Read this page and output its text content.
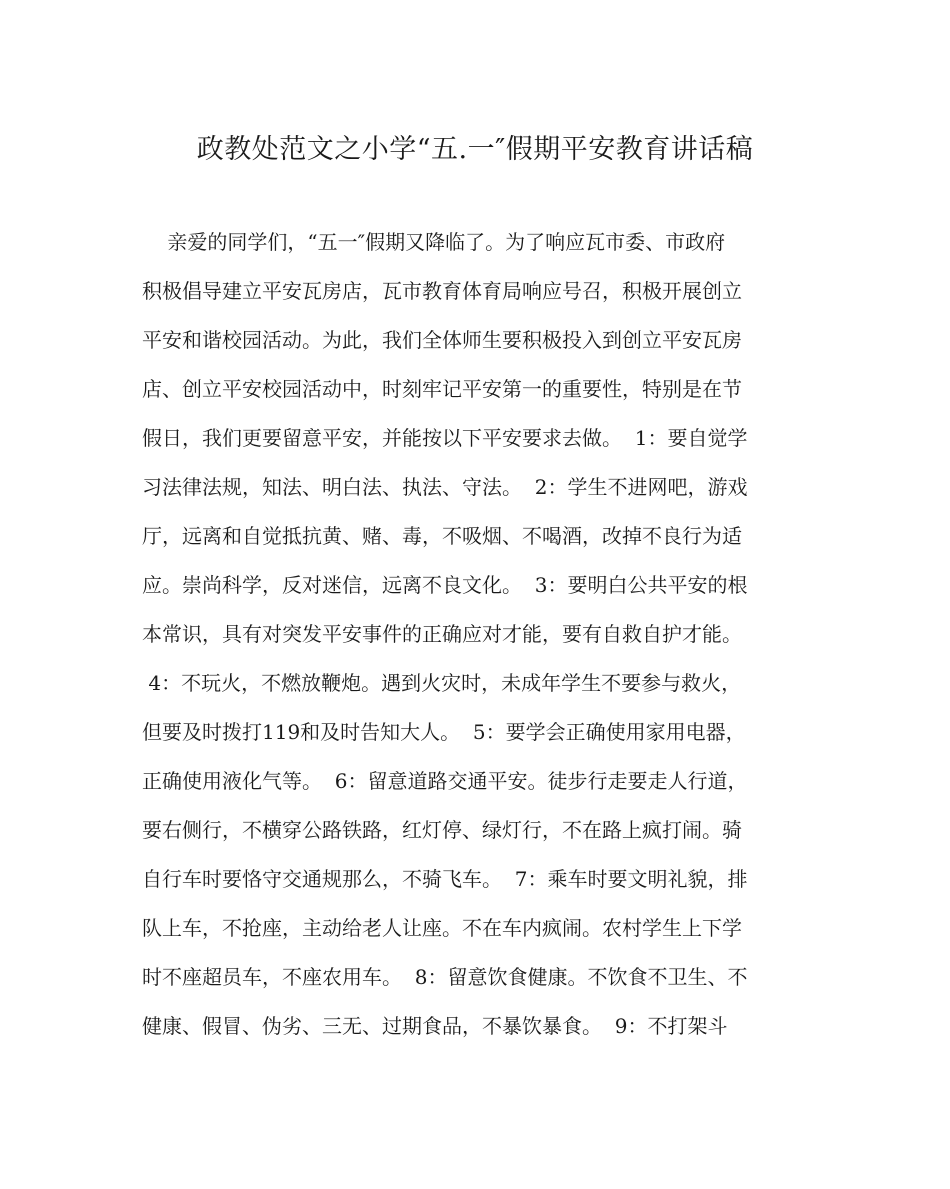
政教处范文之小学“五.一″假期平安教育讲话稿
亲爱的同学们，“五一″假期又降临了。为了响应瓦市委、市政府
积极倡导建立平安瓦房店，瓦市教育体育局响应号召，积极开展创立
平安和谐校园活动。为此，我们全体师生要积极投入到创立平安瓦房
店、创立平安校园活动中，时刻牢记平安第一的重要性，特别是在节
假日，我们更要留意平安，并能按以下平安要求去做。  1：要自觉学
习法律法规，知法、明白法、执法、守法。  2：学生不进网吧，游戏
厅，远离和自觉抵抗黄、赌、毒，不吸烟、不喝酒，改掉不良行为适
应。崇尚科学，反对迷信，远离不良文化。  3：要明白公共平安的根
本常识，具有对突发平安事件的正确应对才能，要有自救自护才能。
4：不玩火，不燃放鞭炮。遇到火灾时，未成年学生不要参与救火，
但要及时拨打119和及时告知大人。  5：要学会正确使用家用电器，
正确使用液化气等。  6：留意道路交通平安。徒步行走要走人行道，
要右侧行，不横穿公路铁路，红灯停、绿灯行，不在路上疯打闹。骑
自行车时要恪守交通规那么，不骑飞车。  7：乘车时要文明礼貌，排
队上车，不抢座，主动给老人让座。不在车内疯闹。农村学生上下学
时不座超员车，不座农用车。  8：留意饮食健康。不饮食不卫生、不
健康、假冒、伪劣、三无、过期食品，不暴饮暴食。  9：不打架斗
